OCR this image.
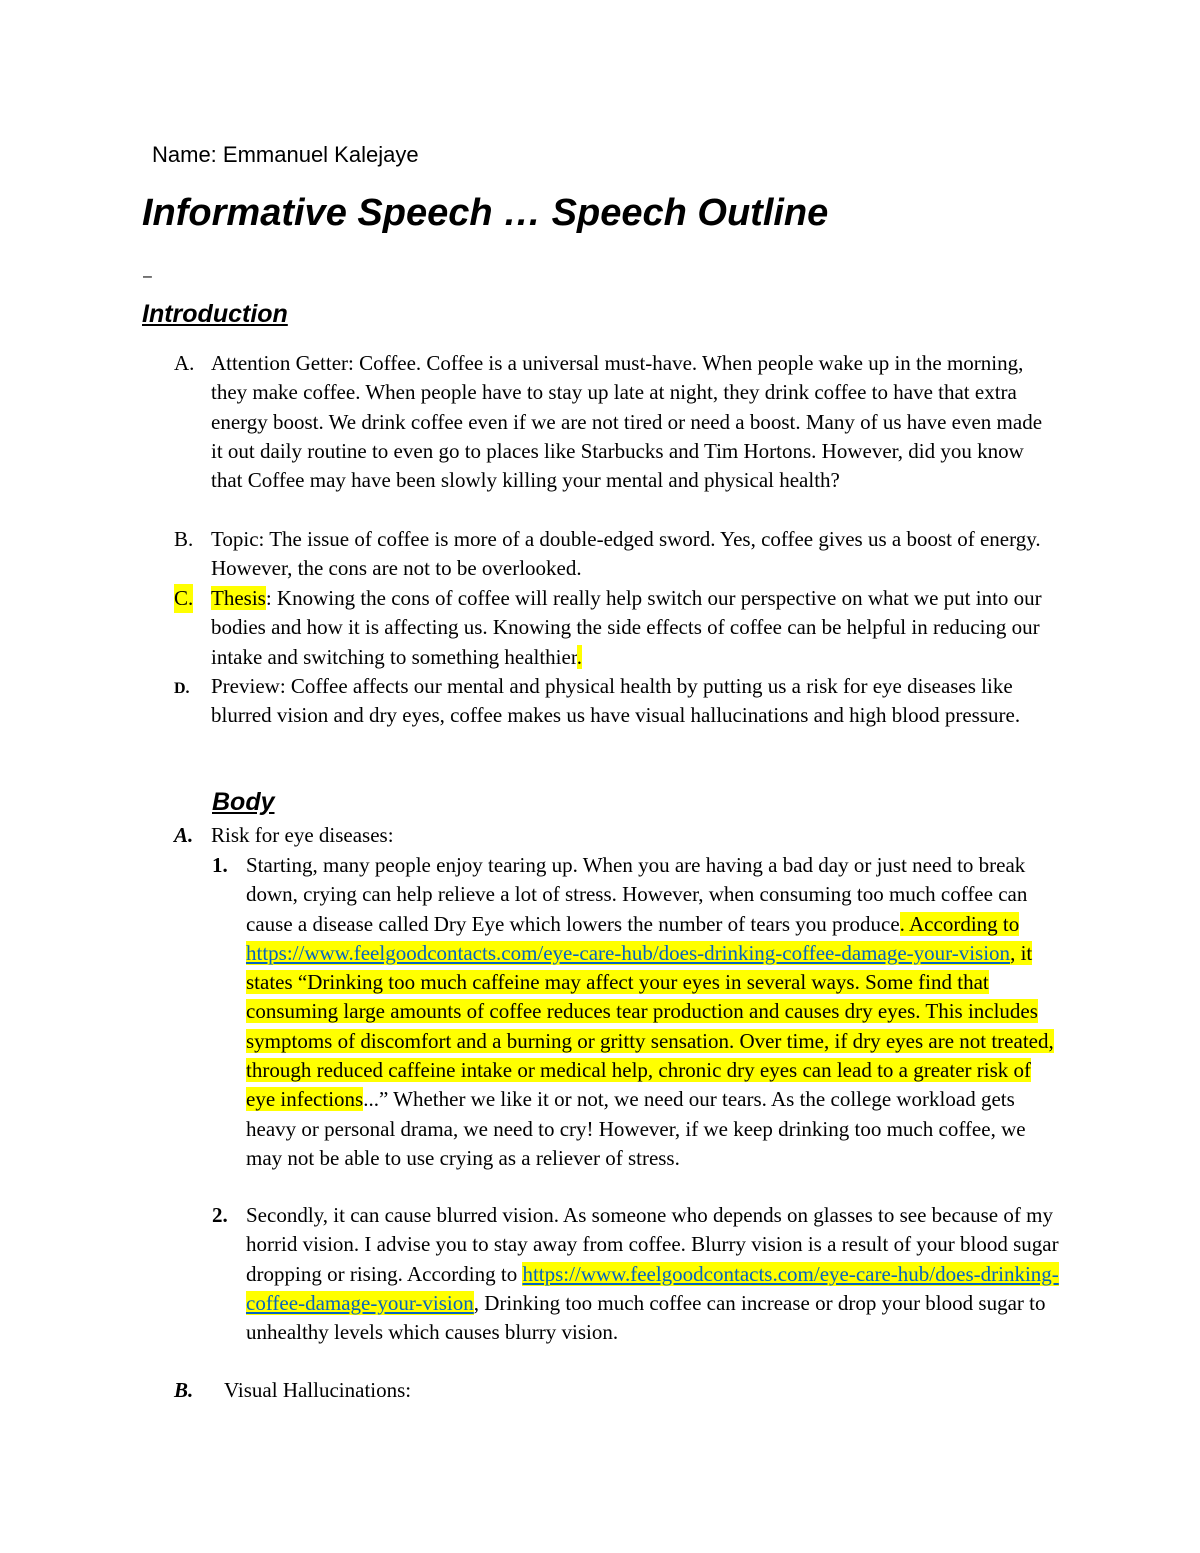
Name: Emmanuel Kalejaye
Informative Speech … Speech Outline
–
Introduction
A. Attention Getter: Coffee. Coffee is a universal must-have. When people wake up in the morning, they make coffee. When people have to stay up late at night, they drink coffee to have that extra energy boost. We drink coffee even if we are not tired or need a boost. Many of us have even made it out daily routine to even go to places like Starbucks and Tim Hortons. However, did you know that Coffee may have been slowly killing your mental and physical health?
B. Topic: The issue of coffee is more of a double-edged sword. Yes, coffee gives us a boost of energy. However, the cons are not to be overlooked.
C. Thesis: Knowing the cons of coffee will really help switch our perspective on what we put into our bodies and how it is affecting us. Knowing the side effects of coffee can be helpful in reducing our intake and switching to something healthier.
D. Preview: Coffee affects our mental and physical health by putting us a risk for eye diseases like blurred vision and dry eyes, coffee makes us have visual hallucinations and high blood pressure.
Body
A. Risk for eye diseases:
1. Starting, many people enjoy tearing up. When you are having a bad day or just need to break down, crying can help relieve a lot of stress. However, when consuming too much coffee can cause a disease called Dry Eye which lowers the number of tears you produce. According to https://www.feelgoodcontacts.com/eye-care-hub/does-drinking-coffee-damage-your-vision, it states “Drinking too much caffeine may affect your eyes in several ways. Some find that consuming large amounts of coffee reduces tear production and causes dry eyes. This includes symptoms of discomfort and a burning or gritty sensation. Over time, if dry eyes are not treated, through reduced caffeine intake or medical help, chronic dry eyes can lead to a greater risk of eye infections...” Whether we like it or not, we need our tears. As the college workload gets heavy or personal drama, we need to cry! However, if we keep drinking too much coffee, we may not be able to use crying as a reliever of stress.
2. Secondly, it can cause blurred vision. As someone who depends on glasses to see because of my horrid vision. I advise you to stay away from coffee. Blurry vision is a result of your blood sugar dropping or rising. According to https://www.feelgoodcontacts.com/eye-care-hub/does-drinking-coffee-damage-your-vision, Drinking too much coffee can increase or drop your blood sugar to unhealthy levels which causes blurry vision.
B. Visual Hallucinations:
